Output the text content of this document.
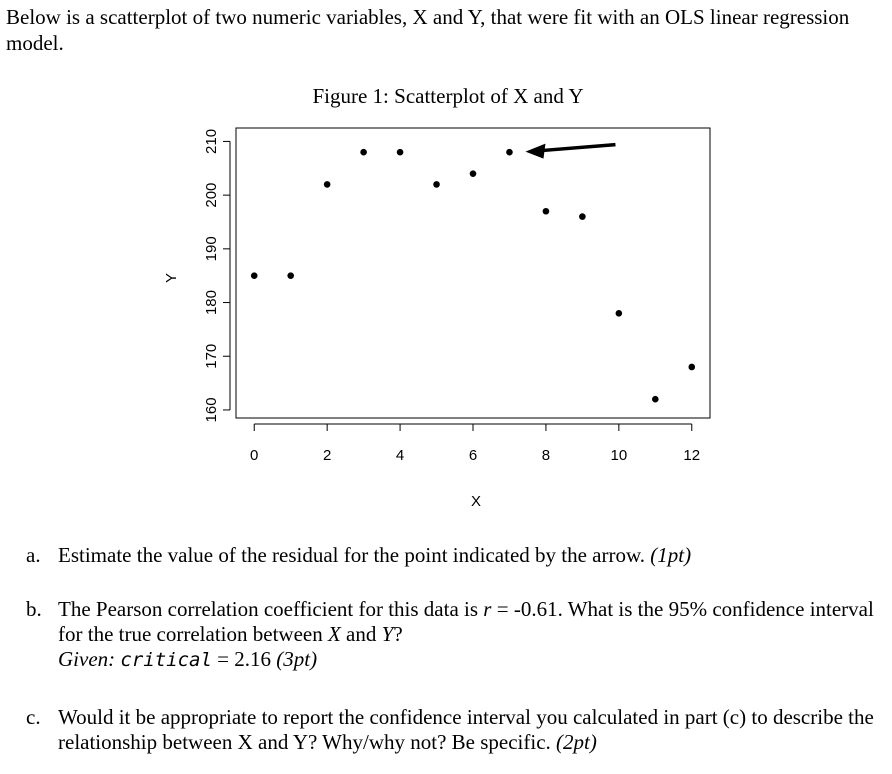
Below is a scatterplot of two numeric variables, X and Y, that were fit with an OLS linear regression model.
Figure 1: Scatterplot of X and Y
0	2	4	6	8	10	12
160
170
180
190
200
210
X
Y
a. Estimate the value of the residual for the point indicated by the arrow. (1pt)
b. The Pearson correlation coefficient for this data is r = -0.61. What is the 95% confidence interval for the true correlation between X and Y?
Given: critical = 2.16 (3pt)
c. Would it be appropriate to report the confidence interval you calculated in part (c) to describe the relationship between X and Y? Why/why not? Be specific. (2pt)
